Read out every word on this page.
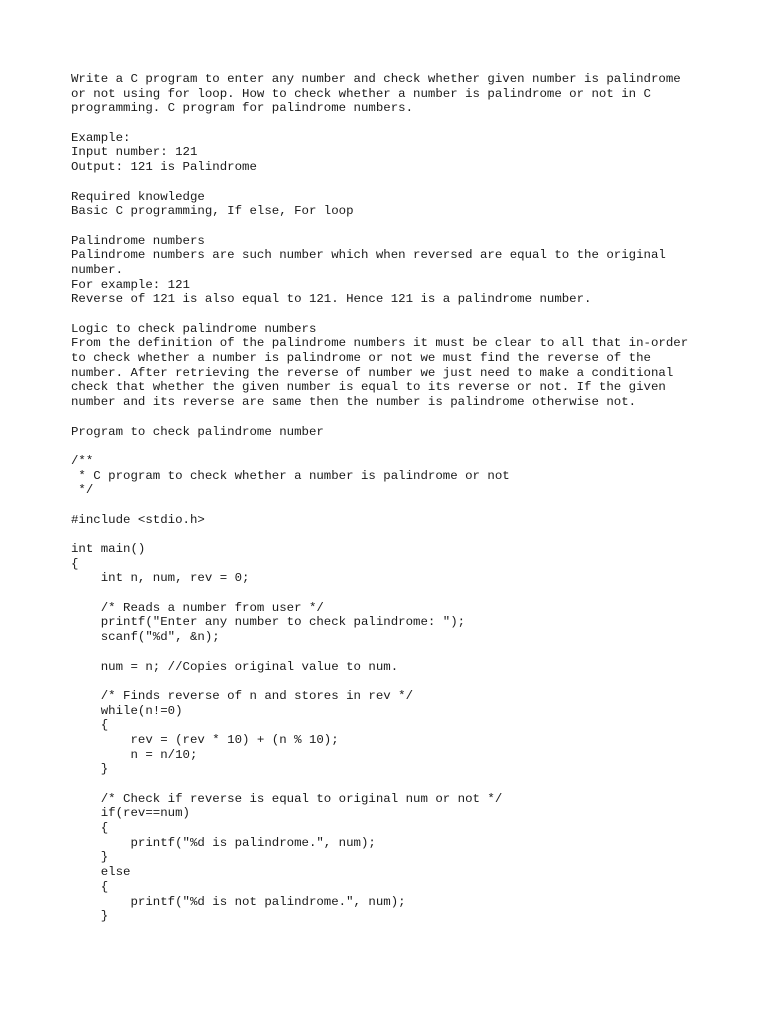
Write a C program to enter any number and check whether given number is palindrome
or not using for loop. How to check whether a number is palindrome or not in C
programming. C program for palindrome numbers.
Example:
Input number: 121
Output: 121 is Palindrome
Required knowledge
Basic C programming, If else, For loop
Palindrome numbers
Palindrome numbers are such number which when reversed are equal to the original
number.
For example: 121
Reverse of 121 is also equal to 121. Hence 121 is a palindrome number.
Logic to check palindrome numbers
From the definition of the palindrome numbers it must be clear to all that in-order
to check whether a number is palindrome or not we must find the reverse of the
number. After retrieving the reverse of number we just need to make a conditional
check that whether the given number is equal to its reverse or not. If the given
number and its reverse are same then the number is palindrome otherwise not.
Program to check palindrome number
/**
* C program to check whether a number is palindrome or not
*/
#include <stdio.h>
int main()
{
int n, num, rev = 0;
/* Reads a number from user */
printf("Enter any number to check palindrome: ");
scanf("%d", &n);
num = n; //Copies original value to num.
/* Finds reverse of n and stores in rev */
while(n!=0)
{
rev = (rev * 10) + (n % 10);
n = n/10;
}
/* Check if reverse is equal to original num or not */
if(rev==num)
{
printf("%d is palindrome.", num);
}
else
{
printf("%d is not palindrome.", num);
}
